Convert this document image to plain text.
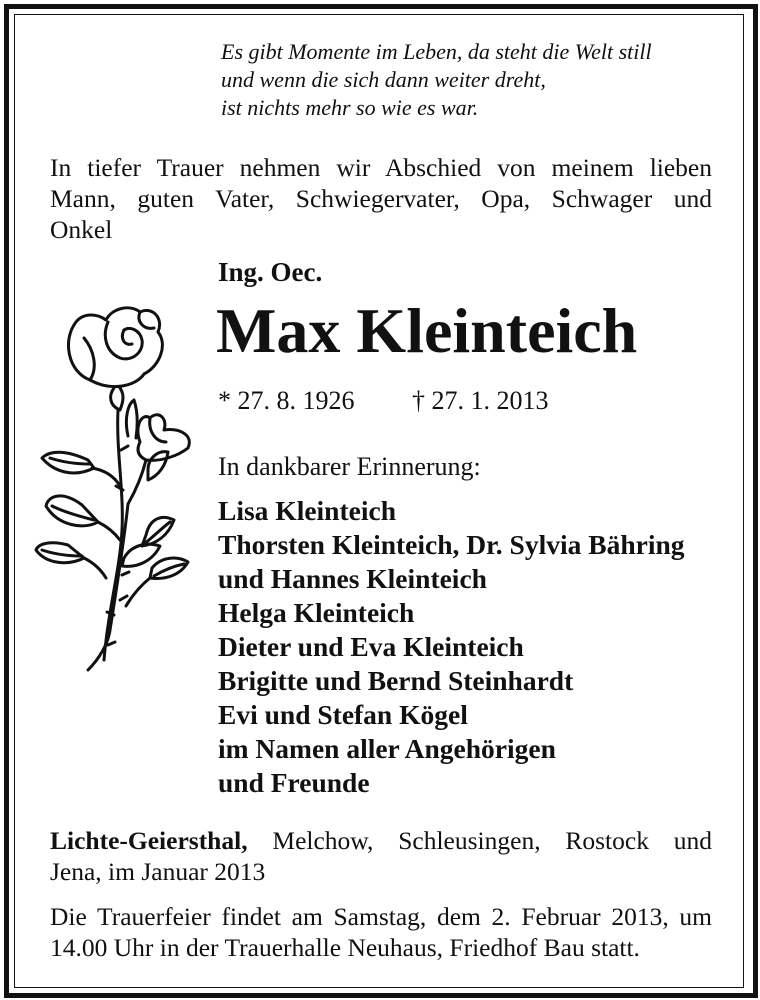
Es gibt Momente im Leben, da steht die Welt still
und wenn die sich dann weiter dreht,
ist nichts mehr so wie es war.
In tiefer Trauer nehmen wir Abschied von meinem lieben
Mann, guten Vater, Schwiegervater, Opa, Schwager und
Onkel
Ing. Oec.
Max Kleinteich
* 27. 8. 1926 † 27. 1. 2013
In dankbarer Erinnerung:
Lisa Kleinteich
Thorsten Kleinteich, Dr. Sylvia Bähring
und Hannes Kleinteich
Helga Kleinteich
Dieter und Eva Kleinteich
Brigitte und Bernd Steinhardt
Evi und Stefan Kögel
im Namen aller Angehörigen
und Freunde
Lichte-Geiersthal, Melchow, Schleusingen, Rostock und
Jena, im Januar 2013
Die Trauerfeier findet am Samstag, dem 2. Februar 2013, um
14.00 Uhr in der Trauerhalle Neuhaus, Friedhof Bau statt.
